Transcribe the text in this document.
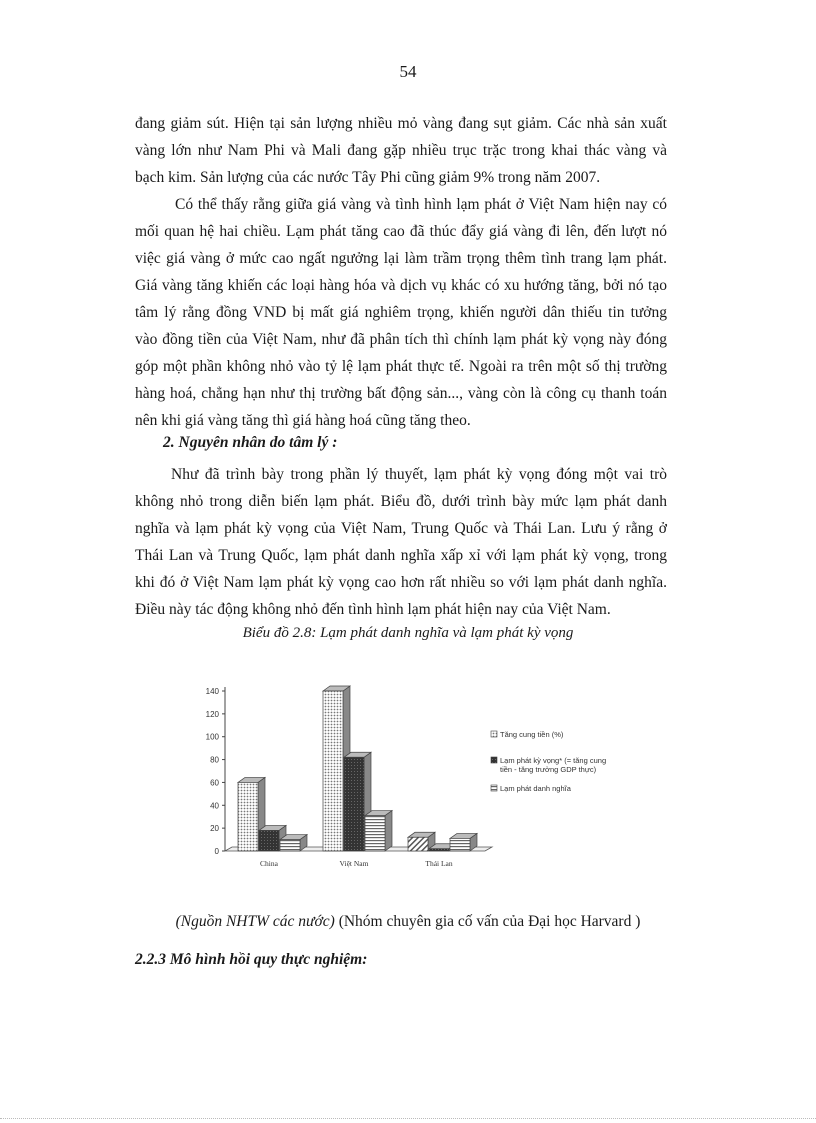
54
đang giảm sút. Hiện tại sản lượng nhiều mỏ vàng đang sụt giảm. Các nhà sản xuất
vàng lớn như Nam Phi và Mali đang gặp nhiều trục trặc trong khai thác vàng và
bạch kim. Sản lượng của các nước Tây Phi cũng giảm 9% trong năm 2007.
Có thể thấy rằng giữa giá vàng và tình hình lạm phát ở Việt Nam hiện nay có
mối quan hệ hai chiều. Lạm phát tăng cao đã thúc đẩy giá vàng đi lên, đến lượt nó
việc giá vàng ở mức cao ngất ngưởng lại làm trầm trọng thêm tình trang lạm phát.
Giá vàng tăng khiến các loại hàng hóa và dịch vụ khác có xu hướng tăng, bởi nó tạo
tâm lý rằng đồng VND bị mất giá nghiêm trọng, khiến người dân thiếu tin tưởng
vào đồng tiền của Việt Nam, như đã phân tích thì chính lạm phát kỳ vọng này đóng
góp một phần không nhỏ vào tỷ lệ lạm phát thực tế. Ngoài ra trên một số thị trường
hàng hoá, chẳng hạn như thị trường bất động sản..., vàng còn là công cụ thanh toán
nên khi giá vàng tăng thì giá hàng hoá cũng tăng theo.
2. Nguyên nhân do tâm lý :
Như đã trình bày trong phần lý thuyết, lạm phát kỳ vọng đóng một vai trò
không nhỏ trong diễn biến lạm phát. Biểu đồ, dưới trình bày mức lạm phát danh
nghĩa và lạm phát kỳ vọng của Việt Nam, Trung Quốc và Thái Lan. Lưu ý rằng ở
Thái Lan và Trung Quốc, lạm phát danh nghĩa xấp xỉ với lạm phát kỳ vọng, trong
khi đó ở Việt Nam lạm phát kỳ vọng cao hơn rất nhiều so với lạm phát danh nghĩa.
Điều này tác động không nhỏ đến tình hình lạm phát hiện nay của Việt Nam.
Biểu đồ 2.8: Lạm phát danh nghĩa và lạm phát kỳ vọng
0
20
40
60
80
100
120
140
China	Việt Nam	Thái Lan
Tăng cung tiền (%)
Lạm phát kỳ vọng* (= tăng cung
tiền - tăng trưởng GDP thực)
Lạm phát danh nghĩa
(Nguồn NHTW các nước) (Nhóm chuyên gia cố vấn của Đại học Harvard )
2.2.3 Mô hình hồi quy thực nghiệm:
